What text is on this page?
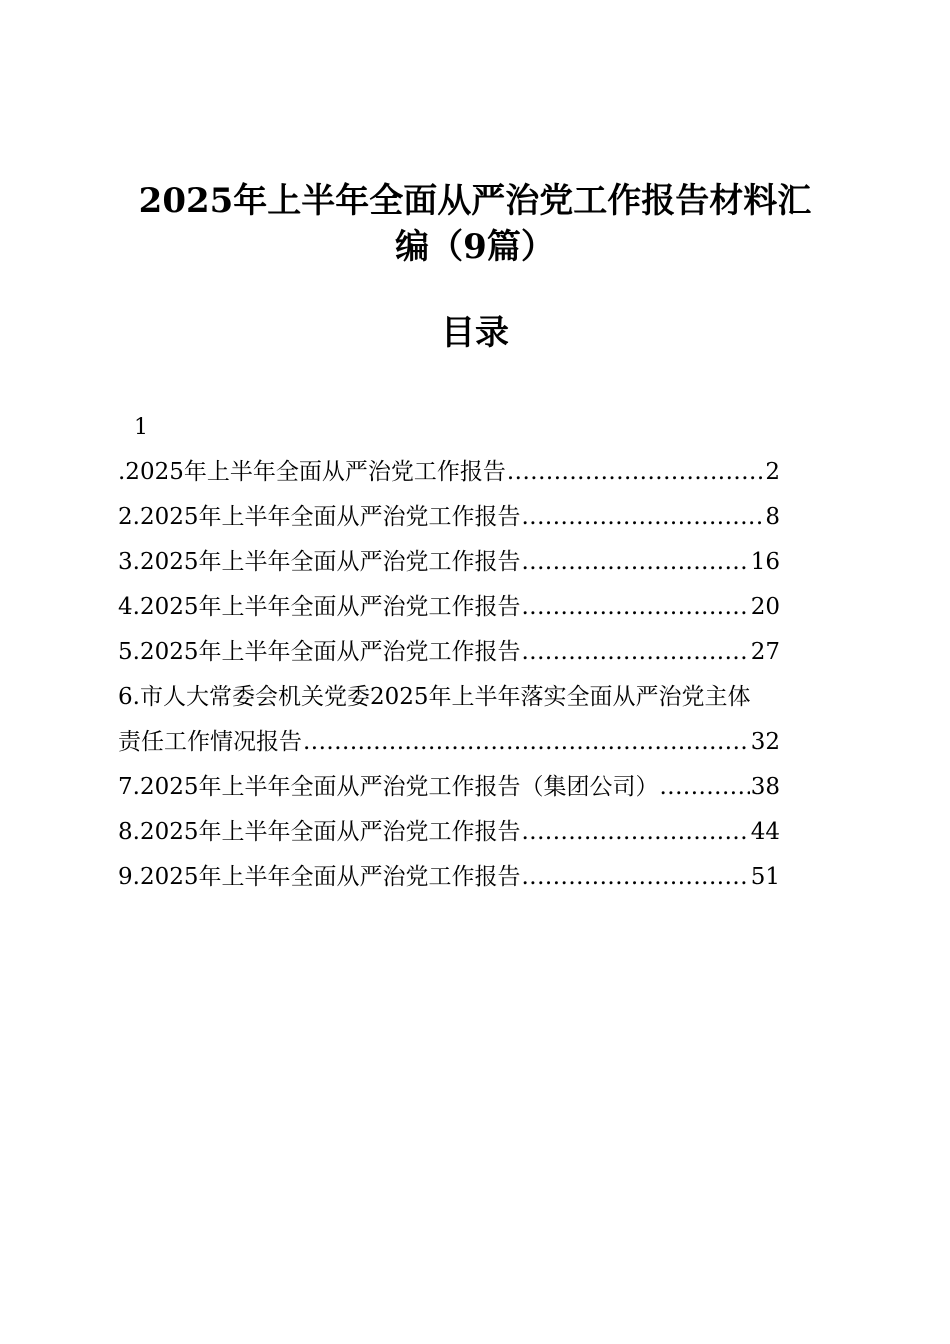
2025年上半年全面从严治党工作报告材料汇
编（9篇）
目录
1
.2025年上半年全面从严治党工作报告 .....	2
2.2025年上半年全面从严治党工作报告 .....	8
3.2025年上半年全面从严治党工作报告 .....	16
4.2025年上半年全面从严治党工作报告 .....	20
5.2025年上半年全面从严治党工作报告 .....	27
6.市人大常委会机关党委2025年上半年落实全面从严治党主体
责任工作情况报告 .....	32
7.2025年上半年全面从严治党工作报告（集团公司） .....	38
8.2025年上半年全面从严治党工作报告 .....	44
9.2025年上半年全面从严治党工作报告 .....	51
